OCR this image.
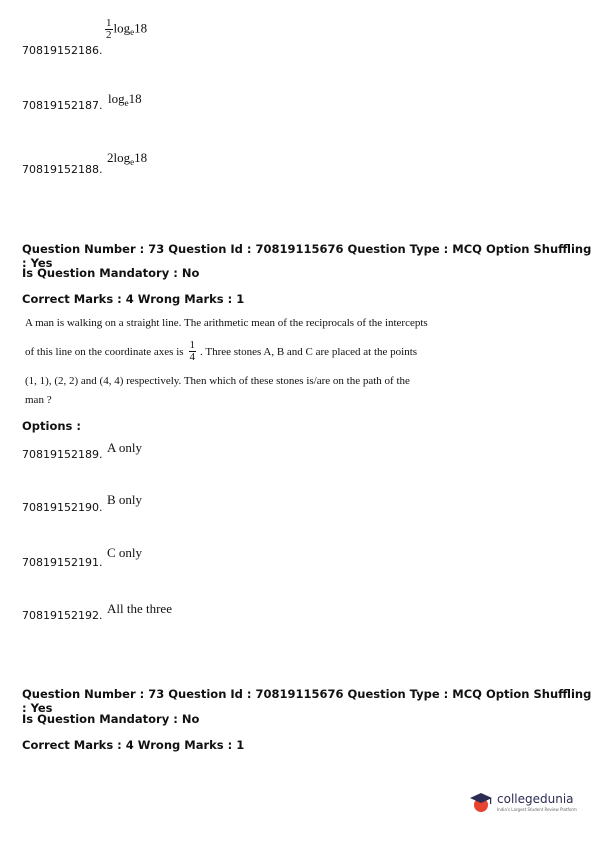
70819152186.
$\frac{1}{2} \log_e18$
70819152187. $\log_e18$
70819152188.
$2\log_e18$
Question Number : 73 Question Id : 70819115676 Question Type : MCQ Option Shuffling : Yes
Is Question Mandatory : No
Correct Marks : 4 Wrong Marks : 1
A man is walking on a straight line. The arithmetic mean of the reciprocals of the intercepts
of this line on the coordinate axes is $\frac{1}{4}$ . Three stones A, B and C are placed at the points
(1, 1), (2, 2) and (4, 4) respectively. Then which of these stones is/are on the path of the
man ?
Options :
70819152189. A only
70819152190.
B only
70819152191.
C only
70819152192. All the three
Question Number : 73 Question Id : 70819115676 Question Type : MCQ Option Shuffling : Yes
Is Question Mandatory : No
Correct Marks : 4 Wrong Marks : 1
collegedunia
India's Largest Student Review Platform
